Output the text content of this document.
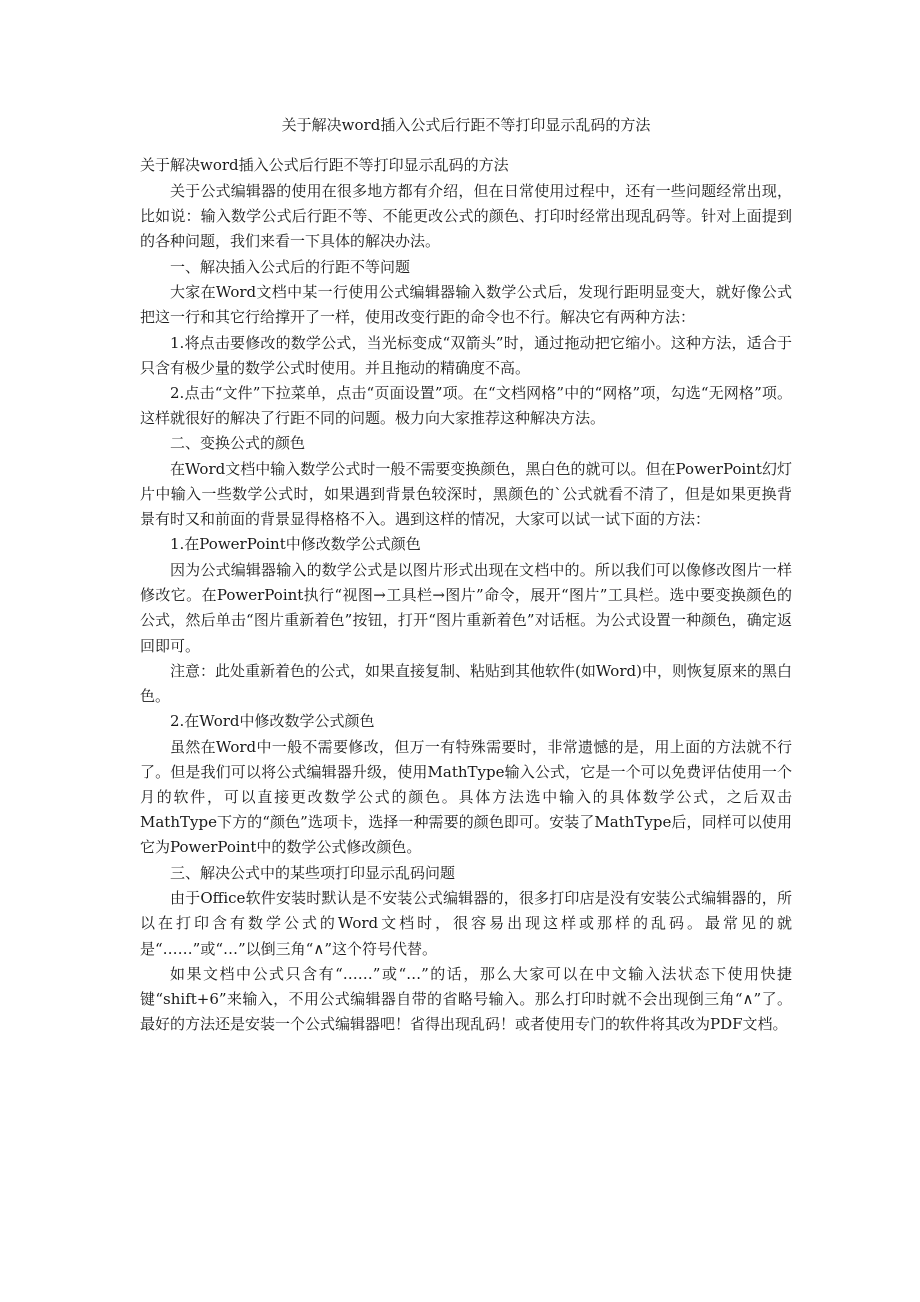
关于解决word插入公式后行距不等打印显示乱码的方法
关于解决word插入公式后行距不等打印显示乱码的方法

关于公式编辑器的使用在很多地方都有介绍，但在日常使用过程中，还有一些问题经常出现，比如说：输入数学公式后行距不等、不能更改公式的颜色、打印时经常出现乱码等。针对上面提到的各种问题，我们来看一下具体的解决办法。

一、解决插入公式后的行距不等问题

大家在Word文档中某一行使用公式编辑器输入数学公式后，发现行距明显变大，就好像公式把这一行和其它行给撑开了一样，使用改变行距的命令也不行。解决它有两种方法：

1.将点击要修改的数学公式，当光标变成“双箭头”时，通过拖动把它缩小。这种方法，适合于只含有极少量的数学公式时使用。并且拖动的精确度不高。

2.点击“文件”下拉菜单，点击“页面设置”项。在“文档网格”中的“网格”项，勾选“无网格”项。这样就很好的解决了行距不同的问题。极力向大家推荐这种解决方法。

二、变换公式的颜色

在Word文档中输入数学公式时一般不需要变换颜色，黑白色的就可以。但在PowerPoint幻灯片中输入一些数学公式时，如果遇到背景色较深时，黑颜色的`公式就看不清了，但是如果更换背景有时又和前面的背景显得格格不入。遇到这样的情况，大家可以试一试下面的方法：

1.在PowerPoint中修改数学公式颜色

因为公式编辑器输入的数学公式是以图片形式出现在文档中的。所以我们可以像修改图片一样修改它。在PowerPoint执行“视图→工具栏→图片”命令，展开“图片”工具栏。选中要变换颜色的公式，然后单击“图片重新着色”按钮，打开“图片重新着色”对话框。为公式设置一种颜色，确定返回即可。

注意：此处重新着色的公式，如果直接复制、粘贴到其他软件(如Word)中，则恢复原来的黑白色。

2.在Word中修改数学公式颜色

虽然在Word中一般不需要修改，但万一有特殊需要时，非常遗憾的是，用上面的方法就不行了。但是我们可以将公式编辑器升级，使用MathType输入公式，它是一个可以免费评估使用一个月的软件，可以直接更改数学公式的颜色。具体方法选中输入的具体数学公式，之后双击MathType下方的“颜色”选项卡，选择一种需要的颜色即可。安装了MathType后，同样可以使用它为PowerPoint中的数学公式修改颜色。

三、解决公式中的某些项打印显示乱码问题

由于Office软件安装时默认是不安装公式编辑器的，很多打印店是没有安装公式编辑器的，所以在打印含有数学公式的Word文档时，很容易出现这样或那样的乱码。最常见的就是“……”或“…”以倒三角“∧”这个符号代替。

如果文档中公式只含有“……”或“…”的话，那么大家可以在中文输入法状态下使用快捷键“shift+6”来输入，不用公式编辑器自带的省略号输入。那么打印时就不会出现倒三角“∧”了。最好的方法还是安装一个公式编辑器吧！省得出现乱码！或者使用专门的软件将其改为PDF文档。
